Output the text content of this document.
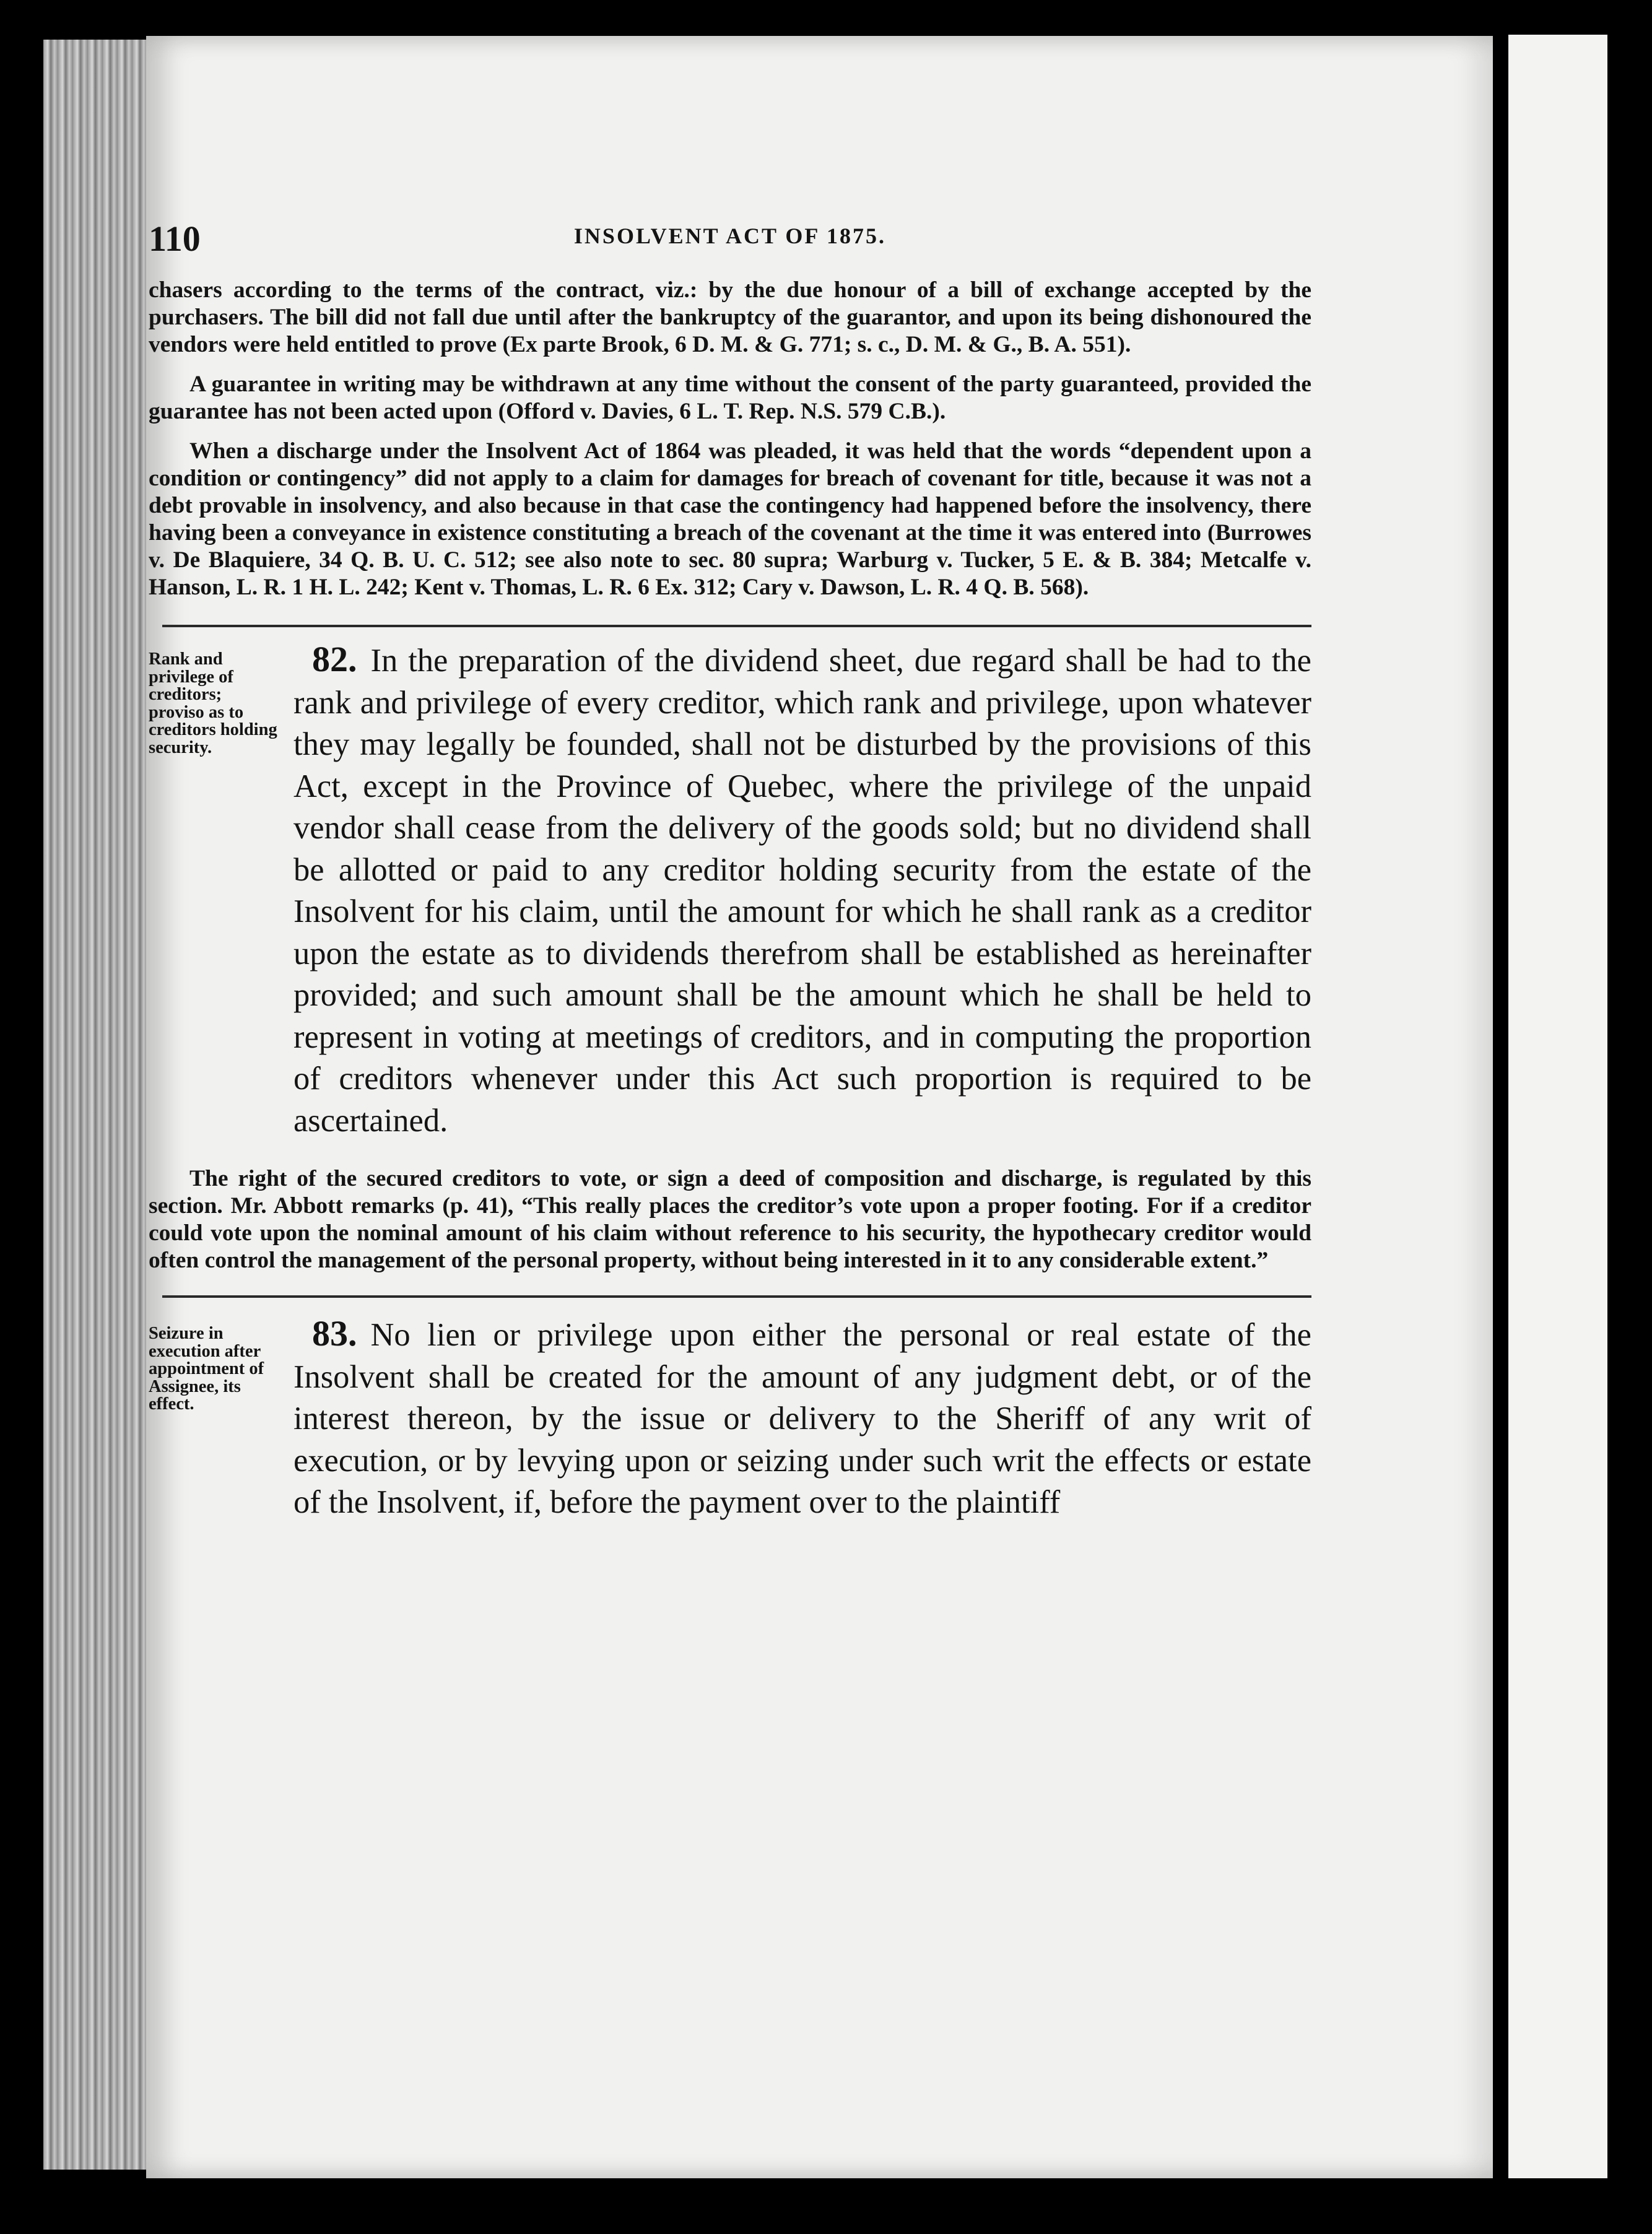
110	INSOLVENT ACT OF 1875.

chasers according to the terms of the contract, viz.: by the due honour of a bill of exchange accepted by the purchasers. The bill did not fall due until after the bankruptcy of the guarantor, and upon its being dishonoured the vendors were held entitled to prove (Ex parte Brook, 6 D. M. & G. 771; s. c., D. M. & G., B. A. 551).

A guarantee in writing may be withdrawn at any time without the consent of the party guaranteed, provided the guarantee has not been acted upon (Offord v. Davies, 6 L. T. Rep. N.S. 579 C.B.).

When a discharge under the Insolvent Act of 1864 was pleaded, it was held that the words “dependent upon a condition or contingency” did not apply to a claim for damages for breach of covenant for title, because it was not a debt provable in insolvency, and also because in that case the contingency had happened before the insolvency, there having been a conveyance in existence constituting a breach of the covenant at the time it was entered into (Burrowes v. De Blaquiere, 34 Q. B. U. C. 512; see also note to sec. 80 supra; Warburg v. Tucker, 5 E. & B. 384; Metcalfe v. Hanson, L. R. 1 H. L. 242; Kent v. Thomas, L. R. 6 Ex. 312; Cary v. Dawson, L. R. 4 Q. B. 568).

Rank and privilege of creditors; proviso as to creditors holding security.

82. In the preparation of the dividend sheet, due regard shall be had to the rank and privilege of every creditor, which rank and privilege, upon whatever they may legally be founded, shall not be disturbed by the provisions of this Act, except in the Province of Quebec, where the privilege of the unpaid vendor shall cease from the delivery of the goods sold; but no dividend shall be allotted or paid to any creditor holding security from the estate of the Insolvent for his claim, until the amount for which he shall rank as a creditor upon the estate as to dividends therefrom shall be established as hereinafter provided; and such amount shall be the amount which he shall be held to represent in voting at meetings of creditors, and in computing the proportion of creditors whenever under this Act such proportion is required to be ascertained.

The right of the secured creditors to vote, or sign a deed of composition and discharge, is regulated by this section. Mr. Abbott remarks (p. 41), “This really places the creditor’s vote upon a proper footing. For if a creditor could vote upon the nominal amount of his claim without reference to his security, the hypothecary creditor would often control the management of the personal property, without being interested in it to any considerable extent.”

Seizure in execution after appointment of Assignee, its effect.

83. No lien or privilege upon either the personal or real estate of the Insolvent shall be created for the amount of any judgment debt, or of the interest thereon, by the issue or delivery to the Sheriff of any writ of execution, or by levying upon or seizing under such writ the effects or estate of the Insolvent, if, before the payment over to the plaintiff
